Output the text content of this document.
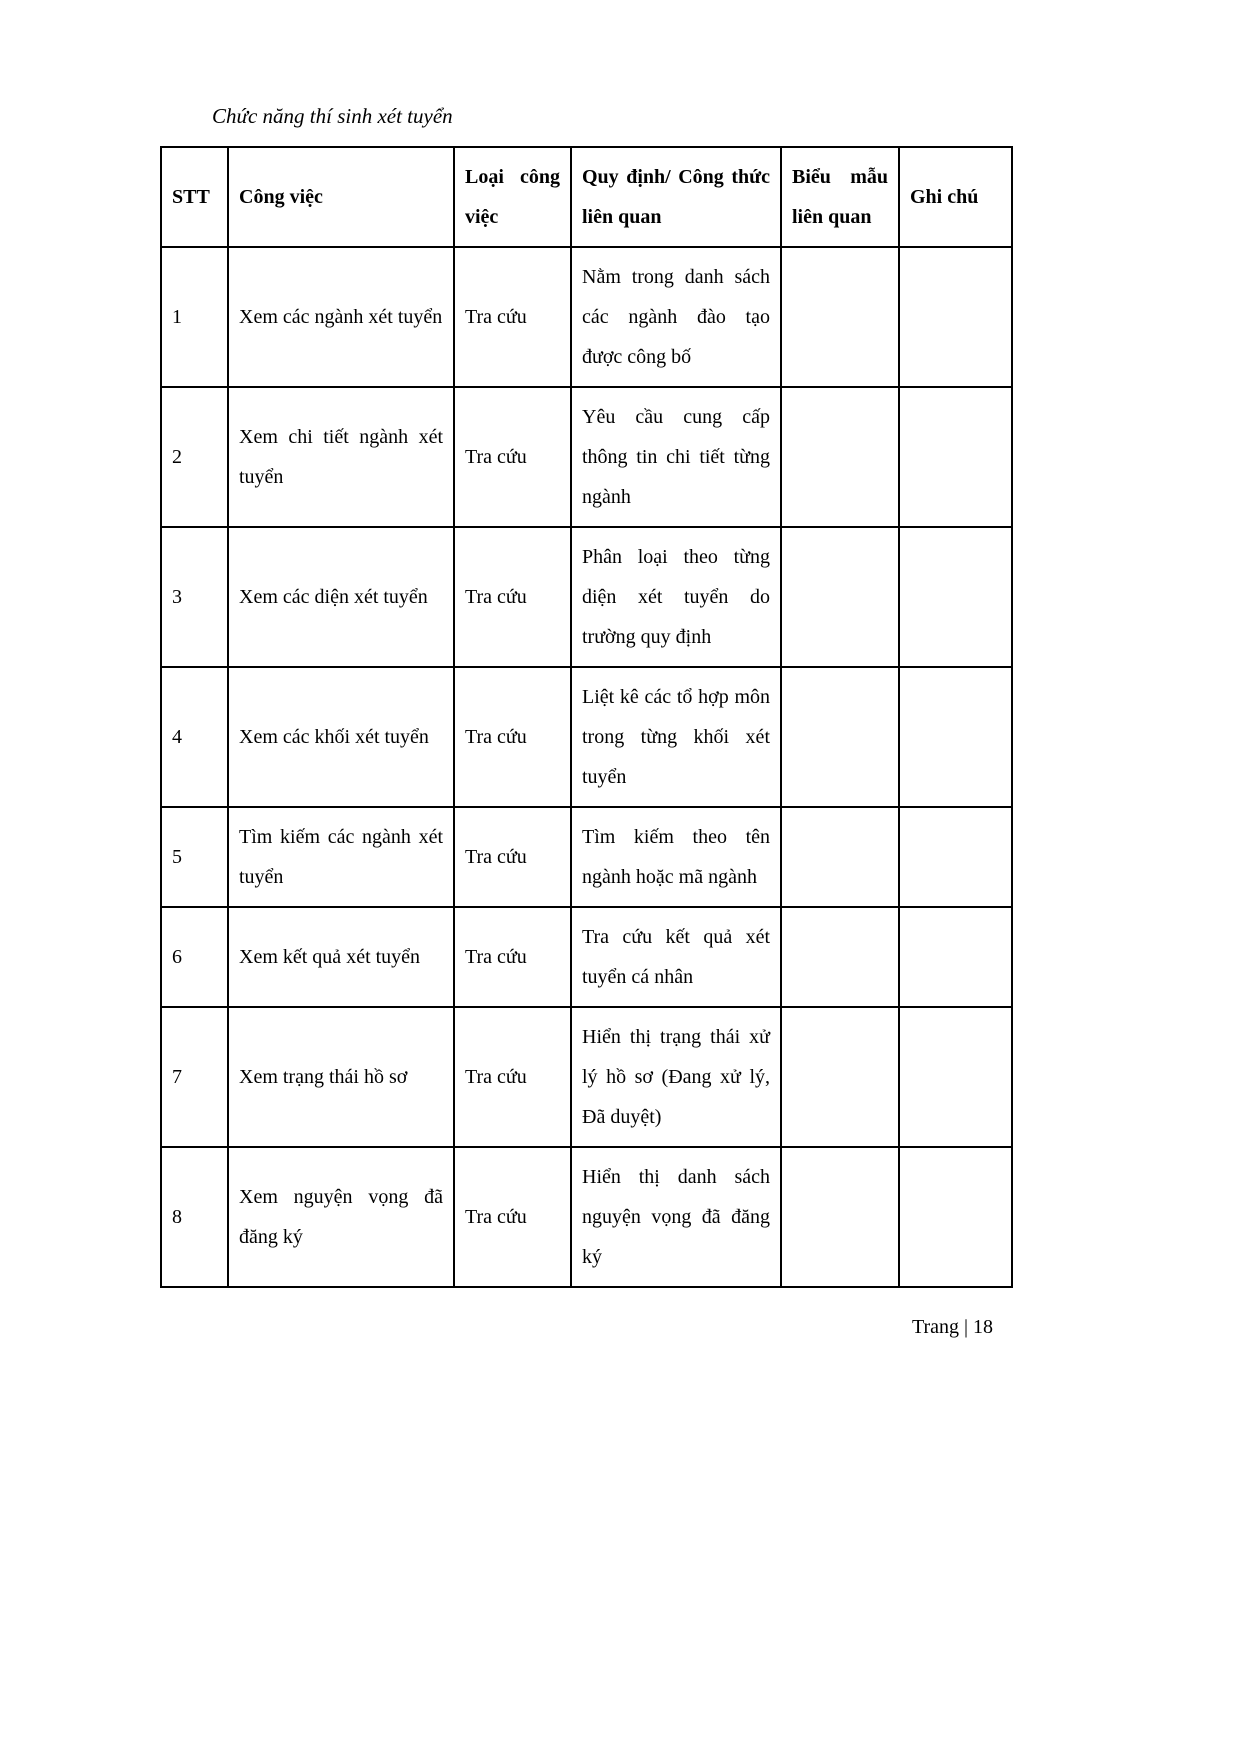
Chức năng thí sinh xét tuyển
STT	Công việc	Loại công việc	Quy định/ Công thức liên quan	Biểu mẫu liên quan	Ghi chú
1	Xem các ngành xét tuyển	Tra cứu	Nằm trong danh sách các ngành đào tạo được công bố		
2	Xem chi tiết ngành xét tuyển	Tra cứu	Yêu cầu cung cấp thông tin chi tiết từng ngành		
3	Xem các diện xét tuyển	Tra cứu	Phân loại theo từng diện xét tuyển do trường quy định		
4	Xem các khối xét tuyển	Tra cứu	Liệt kê các tổ hợp môn trong từng khối xét tuyển		
5	Tìm kiếm các ngành xét tuyển	Tra cứu	Tìm kiếm theo tên ngành hoặc mã ngành		
6	Xem kết quả xét tuyển	Tra cứu	Tra cứu kết quả xét tuyển cá nhân		
7	Xem trạng thái hồ sơ	Tra cứu	Hiển thị trạng thái xử lý hồ sơ (Đang xử lý, Đã duyệt)		
8	Xem nguyện vọng đã đăng ký	Tra cứu	Hiển thị danh sách nguyện vọng đã đăng ký		
Trang | 18
